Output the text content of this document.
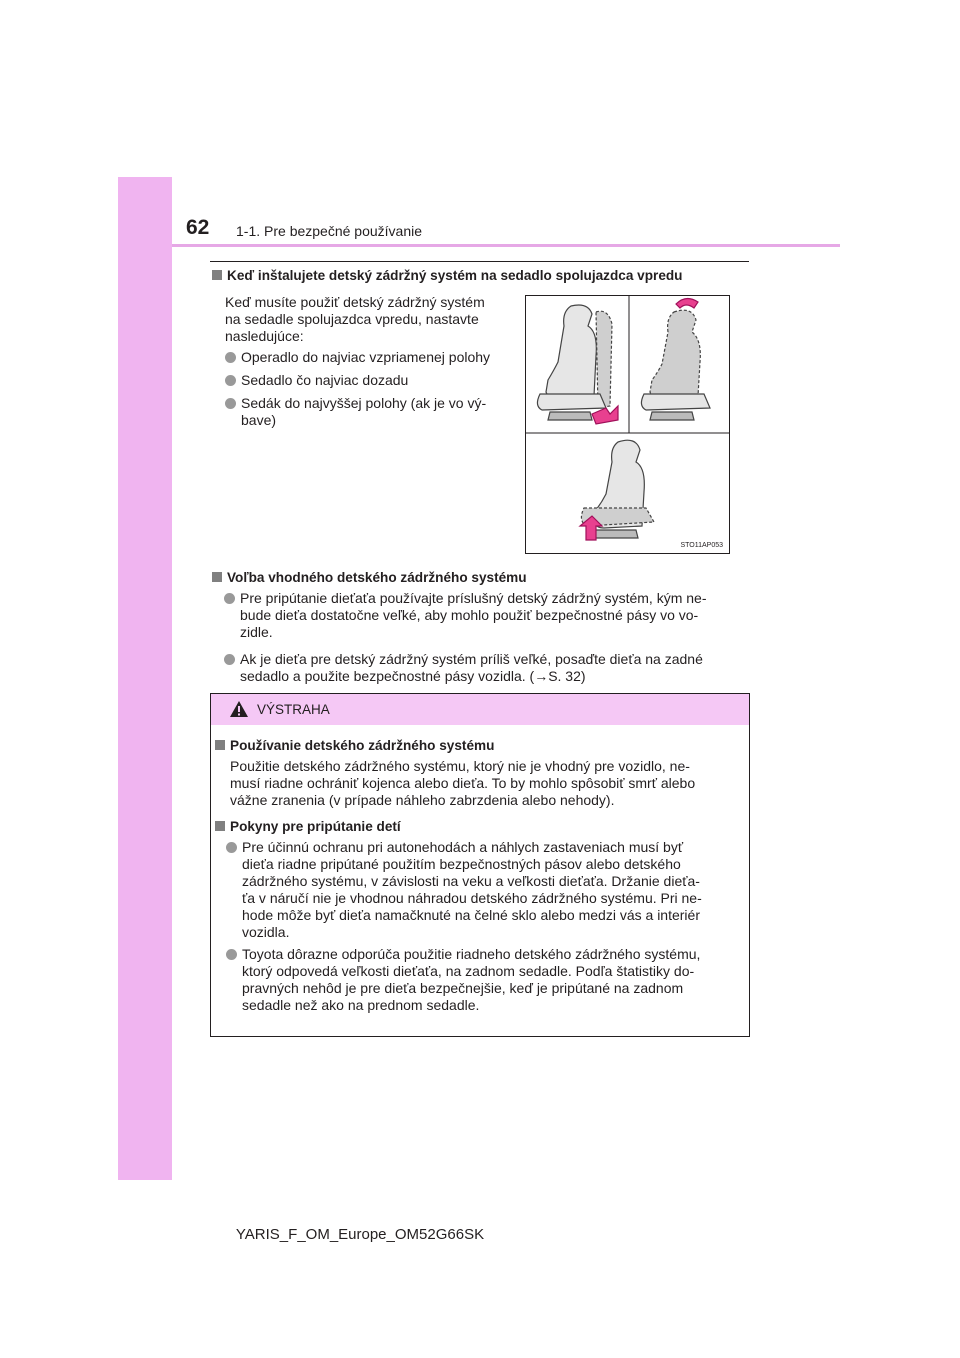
62 1-1. Pre bezpečné používanie
Keď inštalujete detský zádržný systém na sedadlo spolujazdca vpredu
Keď musíte použiť detský zádržný systém
na sedadle spolujazdca vpredu, nastavte
nasledujúce:
Operadlo do najviac vzpriamenej polohy
Sedadlo čo najviac dozadu
Sedák do najvyššej polohy (ak je vo vý-
bave)
STO11AP053
Voľba vhodného detského zádržného systému
Pre pripútanie dieťaťa používajte príslušný detský zádržný systém, kým ne-
bude dieťa dostatočne veľké, aby mohlo použiť bezpečnostné pásy vo vo-
zidle.
Ak je dieťa pre detský zádržný systém príliš veľké, posaďte dieťa na zadné
sedadlo a použite bezpečnostné pásy vozidla. (→S. 32)
VÝSTRAHA
Používanie detského zádržného systému
Použitie detského zádržného systému, ktorý nie je vhodný pre vozidlo, ne-
musí riadne ochrániť kojenca alebo dieťa. To by mohlo spôsobiť smrť alebo
vážne zranenia (v prípade náhleho zabrzdenia alebo nehody).
Pokyny pre pripútanie detí
Pre účinnú ochranu pri autonehodách a náhlych zastaveniach musí byť
dieťa riadne pripútané použitím bezpečnostných pásov alebo detského
zádržného systému, v závislosti na veku a veľkosti dieťaťa. Držanie dieťa-
ťa v náručí nie je vhodnou náhradou detského zádržného systému. Pri ne-
hode môže byť dieťa namačknuté na čelné sklo alebo medzi vás a interiér
vozidla.
Toyota dôrazne odporúča použitie riadneho detského zádržného systému,
ktorý odpovedá veľkosti dieťaťa, na zadnom sedadle. Podľa štatistiky do-
pravných nehôd je pre dieťa bezpečnejšie, keď je pripútané na zadnom
sedadle než ako na prednom sedadle.
YARIS_F_OM_Europe_OM52G66SK
